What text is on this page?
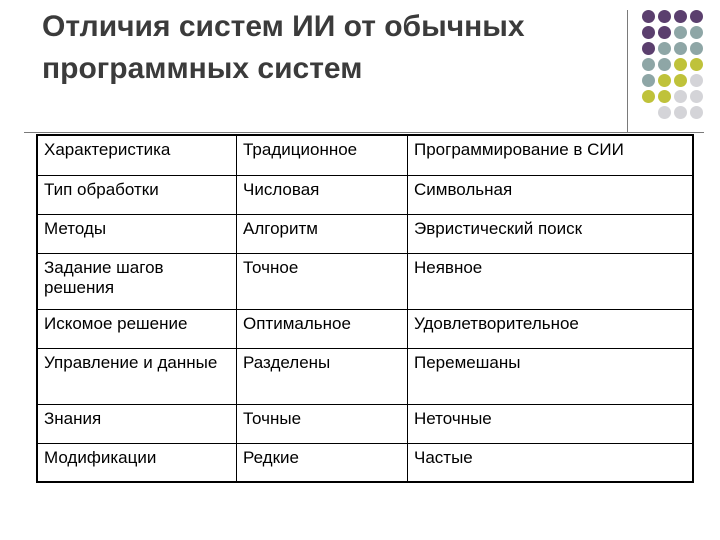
Отличия систем ИИ от обычных программных систем
Характеристика	Традиционное	Программирование в СИИ
Тип обработки	Числовая	Символьная
Методы	Алгоритм	Эвристический поиск
Задание шагов решения	Точное	Неявное
Искомое решение	Оптимальное	Удовлетворительное
Управление и данные	Разделены	Перемешаны
Знания	Точные	Неточные
Модификации	Редкие	Частые
